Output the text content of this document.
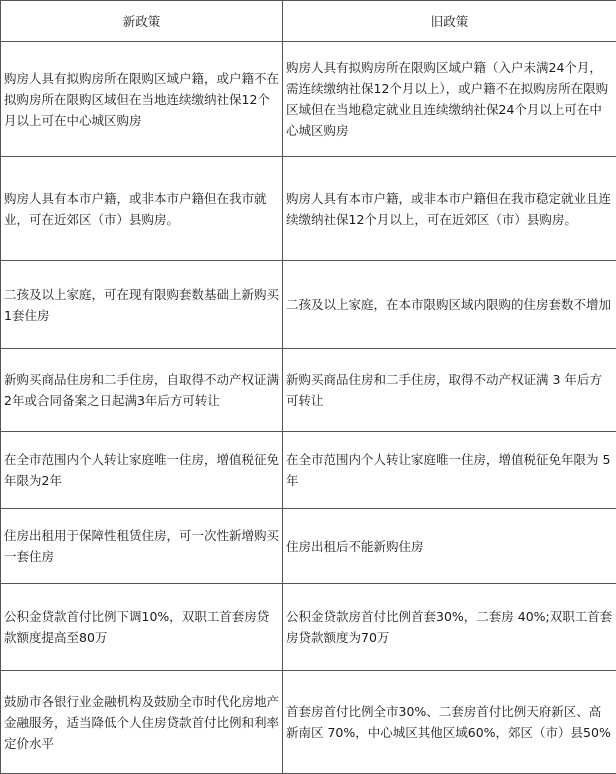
新政策	旧政策
购房人具有拟购房所在限购区域户籍，或户籍不在拟购房所在限购区域但在当地连续缴纳社保12个月以上可在中心城区购房	购房人具有拟购房所在限购区域户籍（入户未满24个月，需连续缴纳社保12个月以上），或户籍不在拟购房所在限购区域但在当地稳定就业且连续缴纳社保24个月以上可在中心城区购房
购房人具有本市户籍，或非本市户籍但在我市就业，可在近郊区（市）县购房。	购房人具有本市户籍，或非本市户籍但在我市稳定就业且连续缴纳社保12个月以上，可在近郊区（市）县购房。
二孩及以上家庭，可在现有限购套数基础上新购买1套住房	二孩及以上家庭，在本市限购区域内限购的住房套数不增加
新购买商品住房和二手住房，自取得不动产权证满2年或合同备案之日起满3年后方可转让	新购买商品住房和二手住房，取得不动产权证满 3 年后方可转让
在全市范围内个人转让家庭唯一住房，增值税征免年限为2年	在全市范围内个人转让家庭唯一住房，增值税征免年限为 5 年
住房出租用于保障性租赁住房，可一次性新增购买一套住房	住房出租后不能新购住房
公积金贷款首付比例下调10%，双职工首套房贷款额度提高至80万	公积金贷款房首付比例首套30%，二套房 40%;双职工首套房贷款额度为70万
鼓励市各银行业金融机构及鼓励全市时代化房地产金融服务，适当降低个人住房贷款首付比例和利率定价水平	首套房首付比例全市30%、二套房首付比例天府新区、高新南区 70%，中心城区其他区域60%，郊区（市）县50%
